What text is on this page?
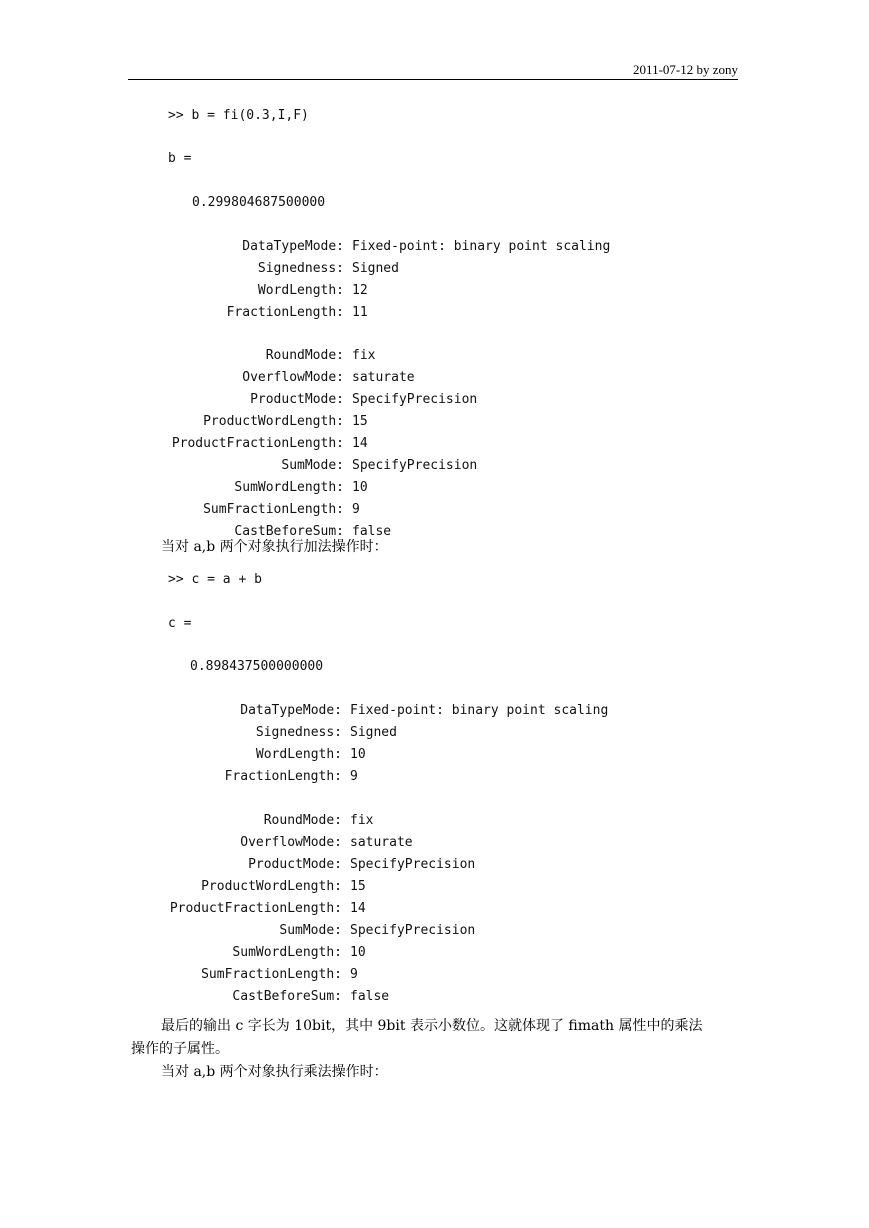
2011-07-12 by zony
>> b = fi(0.3,I,F)
b =
0.299804687500000
DataTypeMode: Fixed-point: binary point scaling
Signedness: Signed
WordLength: 12
FractionLength: 11
RoundMode: fix
OverflowMode: saturate
ProductMode: SpecifyPrecision
ProductWordLength: 15
ProductFractionLength: 14
SumMode: SpecifyPrecision
SumWordLength: 10
SumFractionLength: 9
CastBeforeSum: false
当对 a,b 两个对象执行加法操作时：
>> c = a + b
c =
0.898437500000000
DataTypeMode: Fixed-point: binary point scaling
Signedness: Signed
WordLength: 10
FractionLength: 9
RoundMode: fix
OverflowMode: saturate
ProductMode: SpecifyPrecision
ProductWordLength: 15
ProductFractionLength: 14
SumMode: SpecifyPrecision
SumWordLength: 10
SumFractionLength: 9
CastBeforeSum: false
最后的输出 c 字长为 10bit，其中 9bit 表示小数位。这就体现了 fimath 属性中的乘法
操作的子属性。
当对 a,b 两个对象执行乘法操作时：
